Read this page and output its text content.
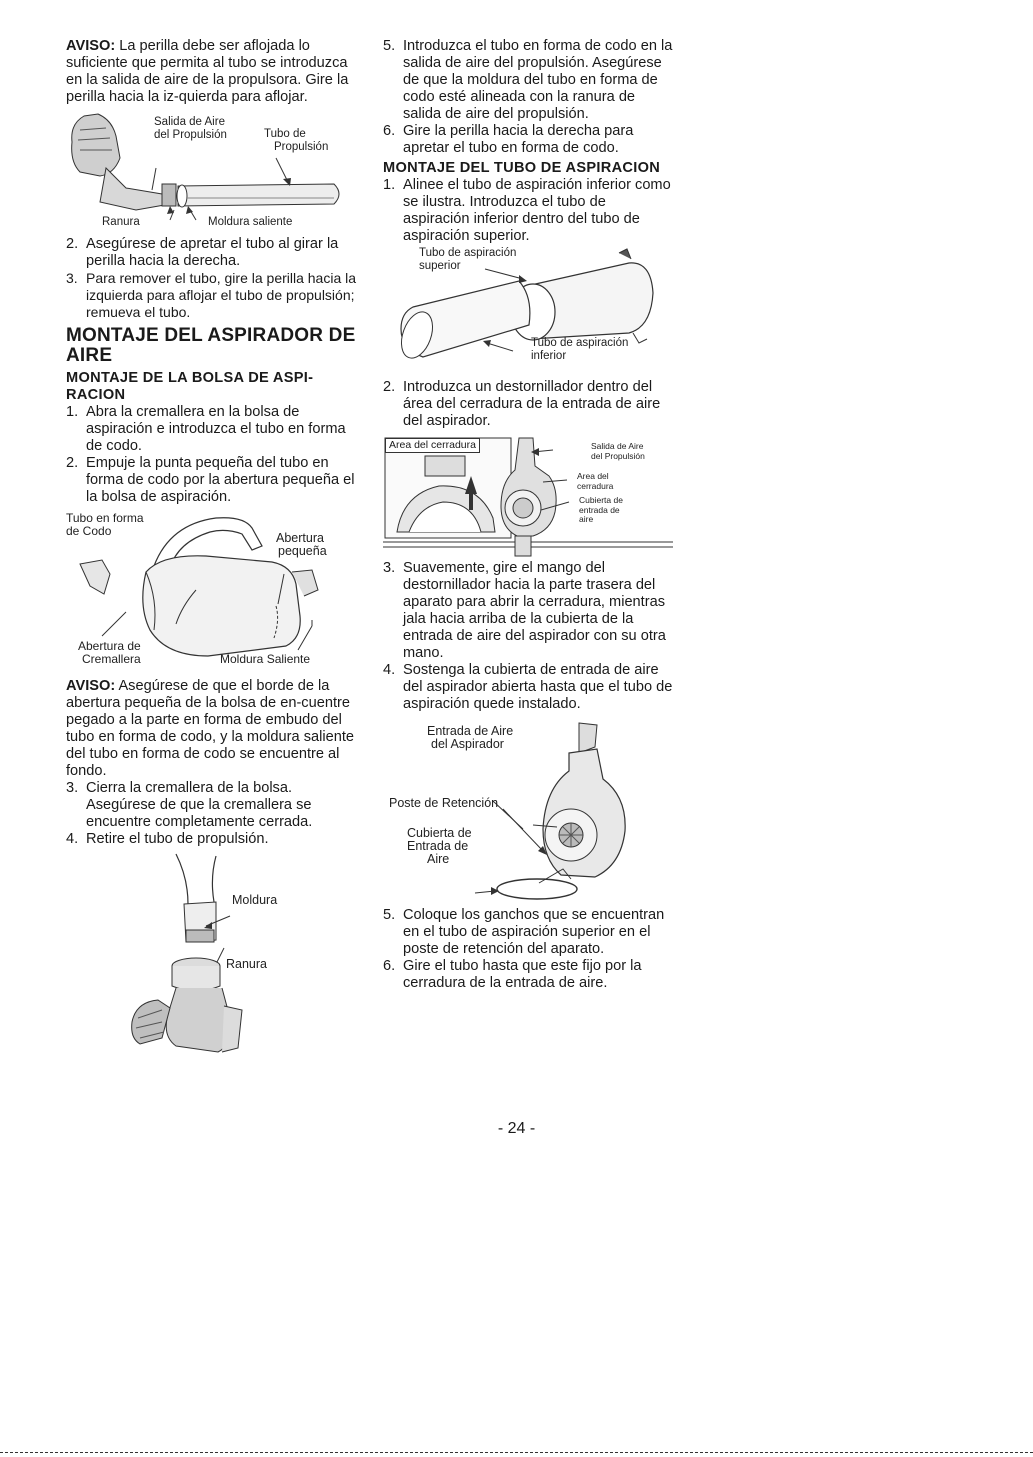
AVISO: La perilla debe ser aflojada lo suficiente que permita al tubo se introduzca en la salida de aire de la propulsora. Gire la perilla hacia la iz-quierda para aflojar.

Salida de Aire
del Propulsión	Tubo de
Propulsión
Ranura	Moldura saliente
2. Asegúrese de apretar el tubo al girar la perilla hacia la derecha.
3. Para remover el tubo, gire la perilla hacia la izquierda para aflojar el tubo de propulsión; remueva el tubo.
MONTAJE DEL ASPIRADOR DE AIRE
MONTAJE DE LA BOLSA DE ASPI-RACION
1. Abra la cremallera en la bolsa de aspiración e introduzca el tubo en forma de codo.
2. Empuje la punta pequeña del tubo en forma de codo por la abertura pequeña el la bolsa de aspiración.
Tubo en forma
de Codo	Abertura
pequeña
Abertura de
Cremallera	Moldura Saliente

AVISO: Asegúrese de que el borde de la abertura pequeña de la bolsa de en-cuentre pegado a la parte en forma de embudo del tubo en forma de codo, y la moldura saliente del tubo en forma de codo se encuentre al fondo.

3. Cierra la cremallera de la bolsa. Asegúrese de que la cremallera se encuentre completamente cerrada.
4. Retire el tubo de propulsión.
Moldura
Ranura
5. Introduzca el tubo en forma de codo en la salida de aire del propulsión. Asegúrese de que la moldura del tubo en forma de codo esté alineada con la ranura de salida de aire del propulsión.
6. Gire la perilla hacia la derecha para apretar el tubo en forma de codo.
MONTAJE DEL TUBO DE ASPIRACION
1. Alinee el tubo de aspiración inferior como se ilustra. Introduzca el tubo de aspiración inferior dentro del tubo de aspiración superior.
Tubo de aspiración
superior
Tubo de aspiración
inferior
2. Introduzca un destornillador dentro del área del cerradura de la entrada de aire del aspirador.
Area del cerradura	Salida de Aire
del Propulsión
Area del
cerradura
Cubierta de
entrada de
aire
3. Suavemente, gire el mango del destornillador hacia la parte trasera del aparato para abrir la cerradura, mientras jala hacia arriba de la cubierta de la entrada de aire del aspirador con su otra mano.
4. Sostenga la cubierta de entrada de aire del aspirador abierta hasta que el tubo de aspiración quede instalado.
Entrada de Aire
del Aspirador
Poste de Retención
Cubierta de
Entrada de
Aire
5. Coloque los ganchos que se encuentran en el tubo de aspiración superior en el poste de retención del aparato.
6. Gire el tubo hasta que este fijo por la cerradura de la entrada de aire.
- 24 -
